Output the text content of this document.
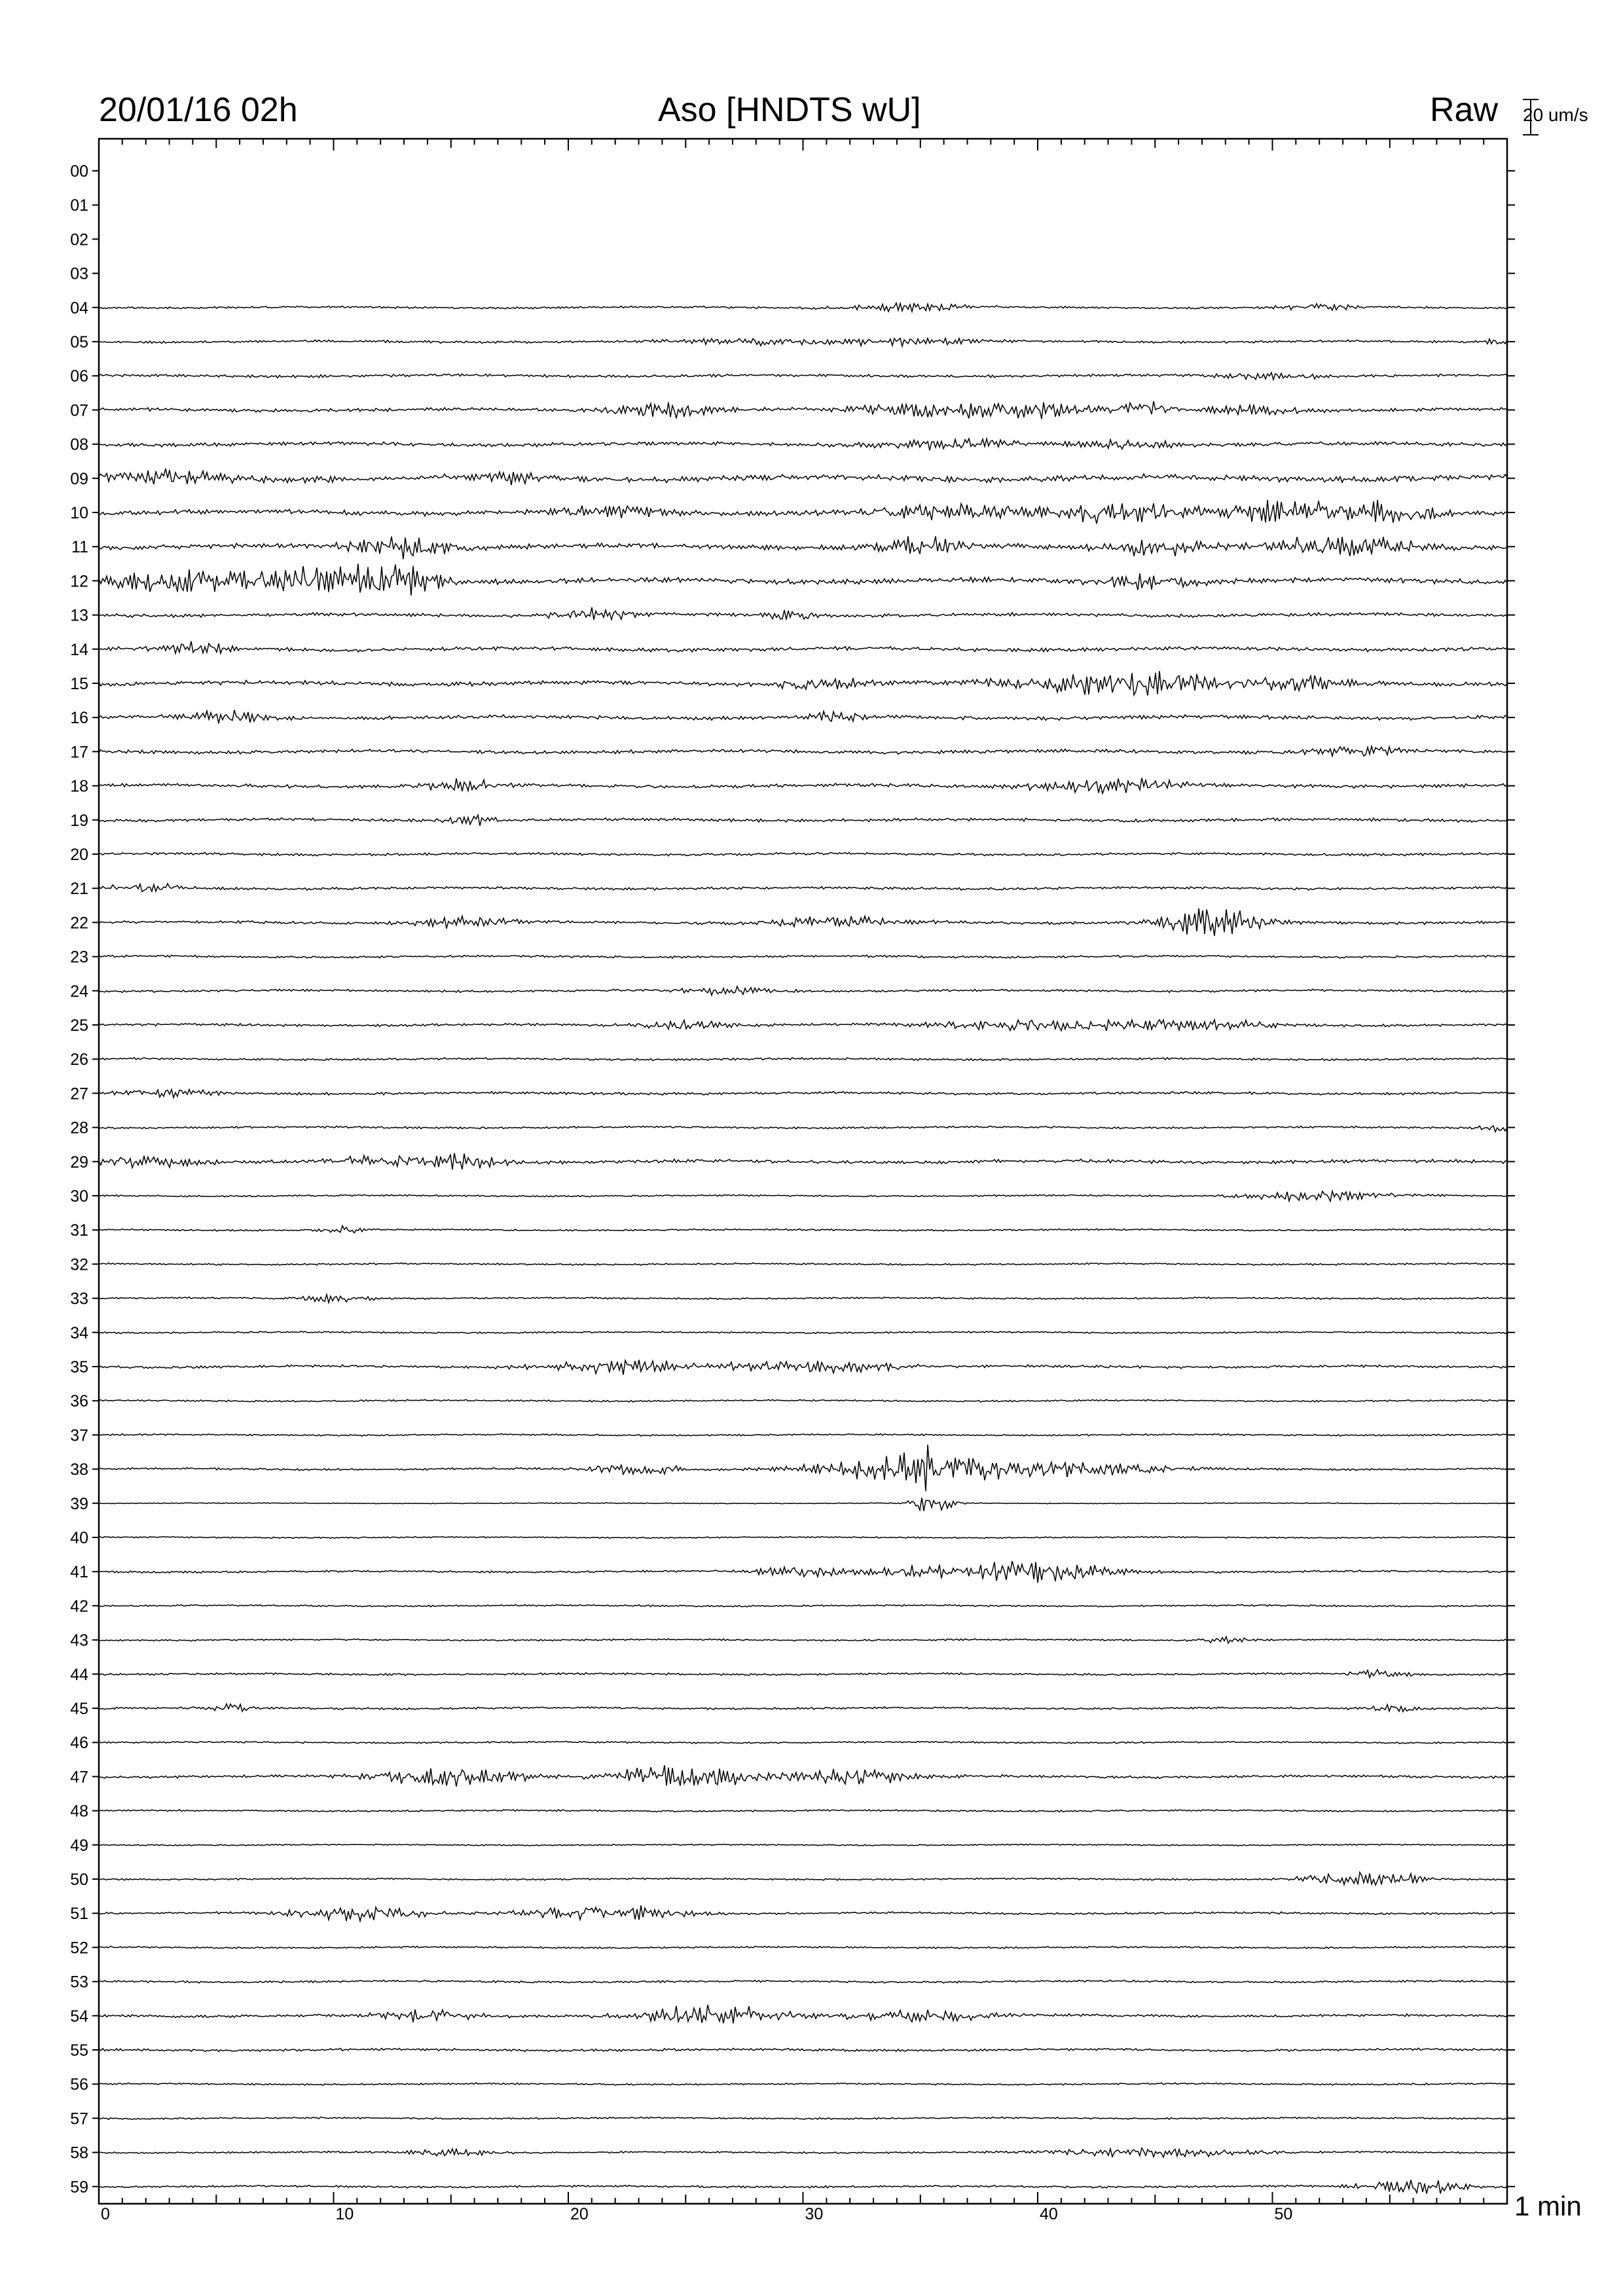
20/01/16 02h	Aso [HNDTS wU]	Raw 20 um/s
1 min
00
01
02
03
04
05
06
07
08
09
10
11
12
13
14
15
16
17
18
19
20
21
22
23
24
25
26
27
28
29
30
31
32
33
34
35
36
37
38
39
40
41
42
43
44
45
46
47
48
49
50
51
52
53
54
55
56
57
58
59
0	10	20	30	40	50
